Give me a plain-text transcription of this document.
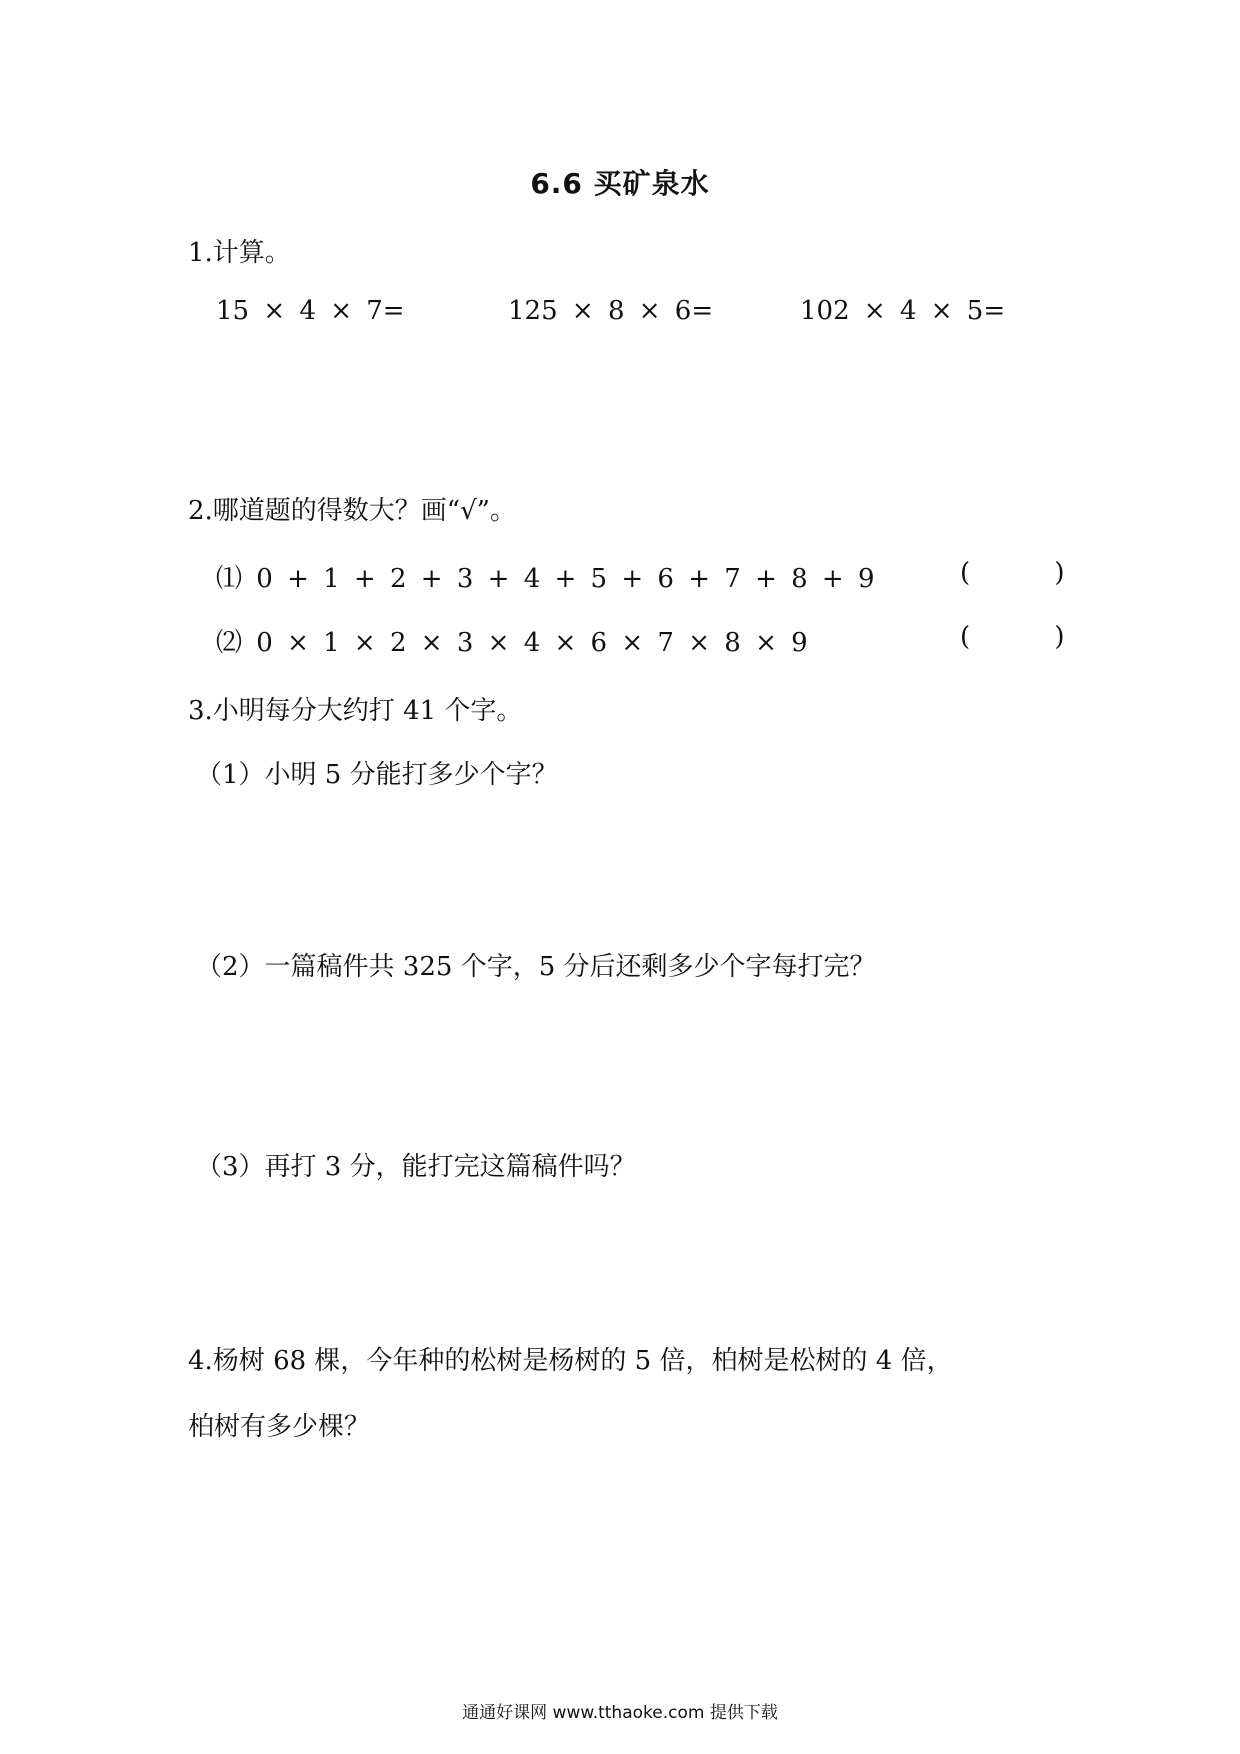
6.6 买矿泉水
1.计算。
15 × 4 × 7=	125 × 8 × 6=	102 × 4 × 5=
2.哪道题的得数大？画“√”。
⑴ 0 + 1 + 2 + 3 + 4 + 5 + 6 + 7 + 8 + 9	( )
⑵ 0 × 1 × 2 × 3 × 4 × 6 × 7 × 8 × 9	( )
3.小明每分大约打 41 个字。
（1）小明 5 分能打多少个字？
（2）一篇稿件共 325 个字，5 分后还剩多少个字每打完？
（3）再打 3 分，能打完这篇稿件吗？
4.杨树 68 棵，今年种的松树是杨树的 5 倍，柏树是松树的 4 倍，
柏树有多少棵？
通通好课网 www.tthaoke.com 提供下载
